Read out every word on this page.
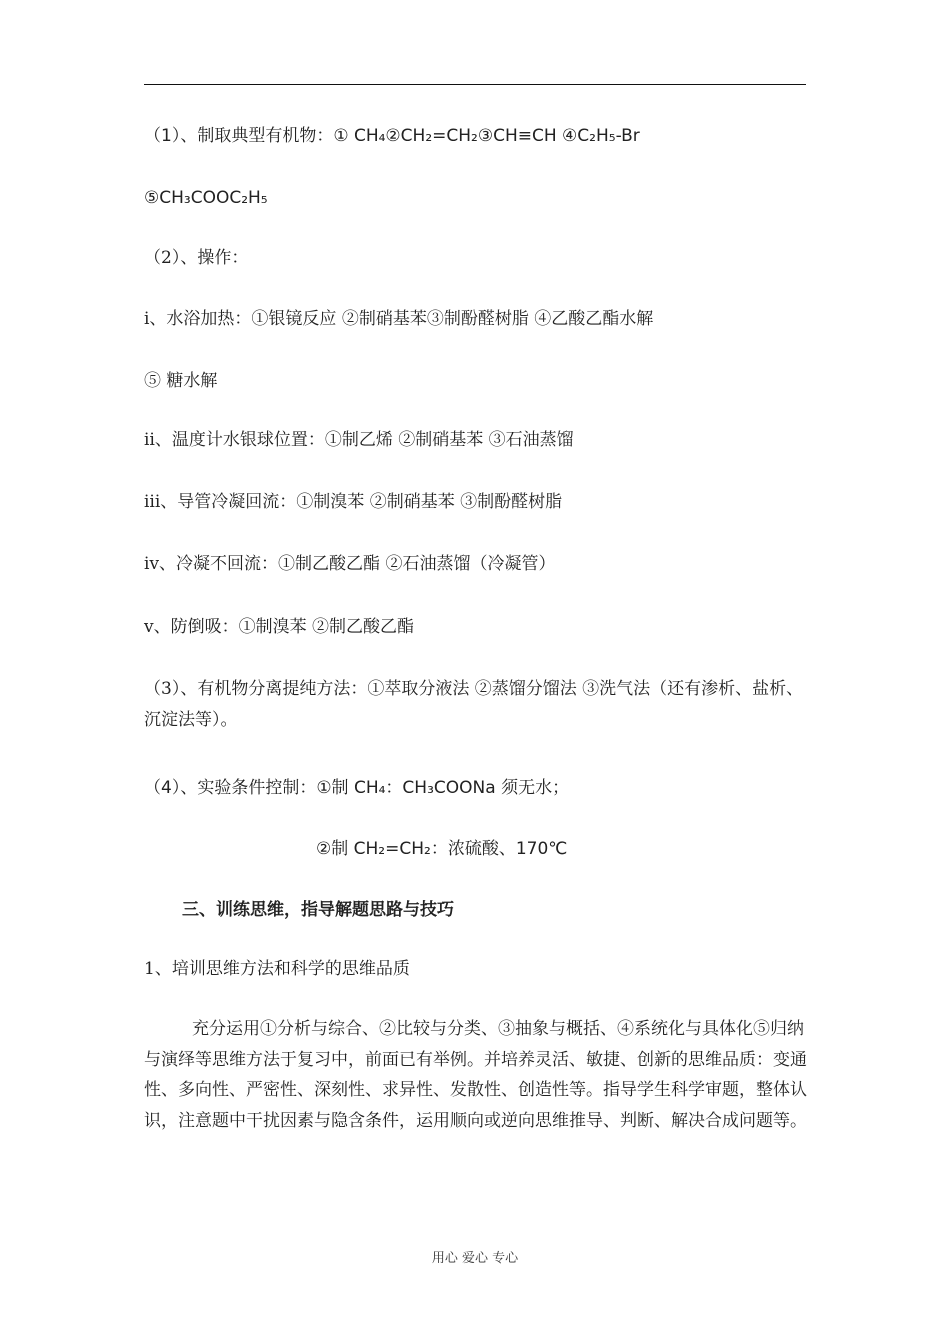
（1）、制取典型有机物：① CH₄②CH₂=CH₂③CH≡CH ④C₂H₅-Br
⑤CH₃COOC₂H₅
（2）、操作：
ⅰ、水浴加热：①银镜反应 ②制硝基苯③制酚醛树脂 ④乙酸乙酯水解
⑤ 糖水解
ⅱ、温度计水银球位置：①制乙烯 ②制硝基苯 ③石油蒸馏
ⅲ、导管冷凝回流：①制溴苯 ②制硝基苯 ③制酚醛树脂
ⅳ、冷凝不回流：①制乙酸乙酯 ②石油蒸馏（冷凝管）
ⅴ、防倒吸：①制溴苯 ②制乙酸乙酯
（3）、有机物分离提纯方法：①萃取分液法 ②蒸馏分馏法 ③洗气法（还有渗析、盐析、沉淀法等）。
（4）、实验条件控制：①制 CH₄：CH₃COONa 须无水；
②制 CH₂=CH₂：浓硫酸、170℃
三、训练思维，指导解题思路与技巧
1、培训思维方法和科学的思维品质
充分运用①分析与综合、②比较与分类、③抽象与概括、④系统化与具体化⑤归纳与演绎等思维方法于复习中，前面已有举例。并培养灵活、敏捷、创新的思维品质：变通性、多向性、严密性、深刻性、求异性、发散性、创造性等。指导学生科学审题，整体认识，注意题中干扰因素与隐含条件，运用顺向或逆向思维推导、判断、解决合成问题等。
用心 爱心 专心
